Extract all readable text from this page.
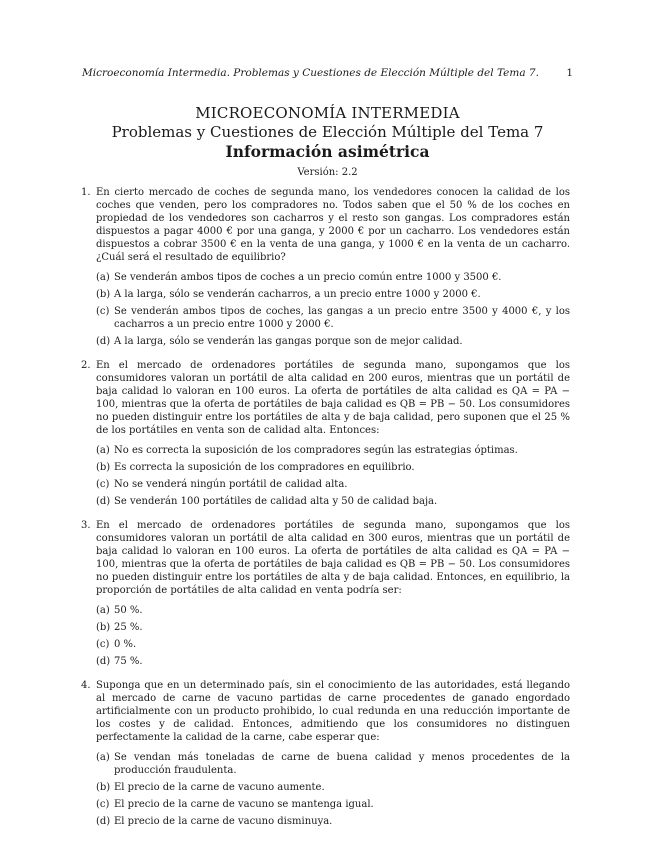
Microeconomía Intermedia. Problemas y Cuestiones de Elección Múltiple del Tema 7.	1
MICROECONOMÍA INTERMEDIA
Problemas y Cuestiones de Elección Múltiple del Tema 7
Información asimétrica
Versión: 2.2
1. En cierto mercado de coches de segunda mano, los vendedores conocen la calidad de los coches que venden, pero los compradores no. Todos saben que el 50 % de los coches en propiedad de los vendedores son cacharros y el resto son gangas. Los compradores están dispuestos a pagar 4000 € por una ganga, y 2000 € por un cacharro. Los vendedores están dispuestos a cobrar 3500 € en la venta de una ganga, y 1000 € en la venta de un cacharro. ¿Cuál será el resultado de equilibrio?
(a) Se venderán ambos tipos de coches a un precio común entre 1000 y 3500 €.
(b) A la larga, sólo se venderán cacharros, a un precio entre 1000 y 2000 €.
(c) Se venderán ambos tipos de coches, las gangas a un precio entre 3500 y 4000 €, y los cacharros a un precio entre 1000 y 2000 €.
(d) A la larga, sólo se venderán las gangas porque son de mejor calidad.
2. En el mercado de ordenadores portátiles de segunda mano, supongamos que los consumidores valoran un portátil de alta calidad en 200 euros, mientras que un portátil de baja calidad lo valoran en 100 euros. La oferta de portátiles de alta calidad es QA = PA − 100, mientras que la oferta de portátiles de baja calidad es QB = PB − 50. Los consumidores no pueden distinguir entre los portátiles de alta y de baja calidad, pero suponen que el 25 % de los portátiles en venta son de calidad alta. Entonces:
(a) No es correcta la suposición de los compradores según las estrategias óptimas.
(b) Es correcta la suposición de los compradores en equilibrio.
(c) No se venderá ningún portátil de calidad alta.
(d) Se venderán 100 portátiles de calidad alta y 50 de calidad baja.
3. En el mercado de ordenadores portátiles de segunda mano, supongamos que los consumidores valoran un portátil de alta calidad en 300 euros, mientras que un portátil de baja calidad lo valoran en 100 euros. La oferta de portátiles de alta calidad es QA = PA − 100, mientras que la oferta de portátiles de baja calidad es QB = PB − 50. Los consumidores no pueden distinguir entre los portátiles de alta y de baja calidad. Entonces, en equilibrio, la proporción de portátiles de alta calidad en venta podría ser:
(a) 50 %.
(b) 25 %.
(c) 0 %.
(d) 75 %.
4. Suponga que en un determinado país, sin el conocimiento de las autoridades, está llegando al mercado de carne de vacuno partidas de carne procedentes de ganado engordado artificialmente con un producto prohibido, lo cual redunda en una reducción importante de los costes y de calidad. Entonces, admitiendo que los consumidores no distinguen perfectamente la calidad de la carne, cabe esperar que:
(a) Se vendan más toneladas de carne de buena calidad y menos procedentes de la producción fraudulenta.
(b) El precio de la carne de vacuno aumente.
(c) El precio de la carne de vacuno se mantenga igual.
(d) El precio de la carne de vacuno disminuya.
